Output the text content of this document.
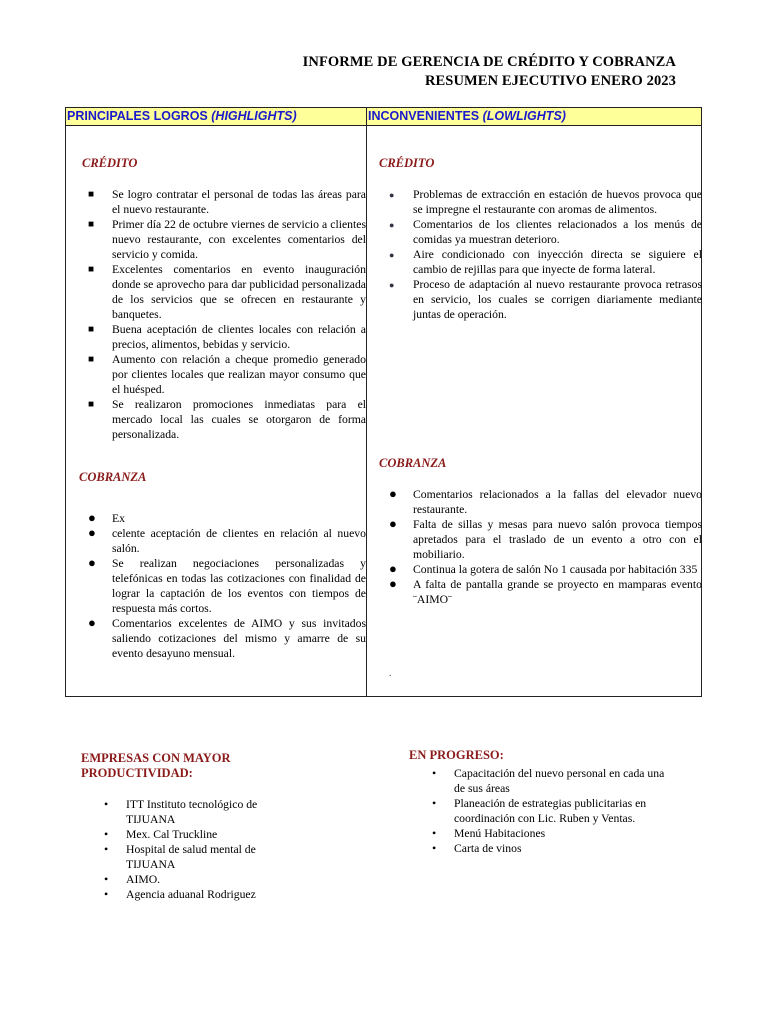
INFORME DE GERENCIA DE CRÉDITO Y COBRANZA
RESUMEN EJECUTIVO ENERO 2023
PRINCIPALES LOGROS (HIGHLIGHTS)	INCONVENIENTES (LOWLIGHTS)
CRÉDITO
■ Se logro contratar el personal de todas las áreas para el nuevo restaurante.
■ Primer día 22 de octubre viernes de servicio a clientes nuevo restaurante, con excelentes comentarios del servicio y comida.
■ Excelentes comentarios en evento inauguración donde se aprovecho para dar publicidad personalizada de los servicios que se ofrecen en restaurante y banquetes.
■ Buena aceptación de clientes locales con relación a precios, alimentos, bebidas y servicio.
■ Aumento con relación a cheque promedio generado por clientes locales que realizan mayor consumo que el huésped.
■ Se realizaron promociones inmediatas para el mercado local las cuales se otorgaron de forma personalizada.
COBRANZA
● Ex
● celente aceptación de clientes en relación al nuevo salón.
● Se realizan negociaciones personalizadas y telefónicas en todas las cotizaciones con finalidad de lograr la captación de los eventos con tiempos de respuesta más cortos.
● Comentarios excelentes de AIMO y sus invitados saliendo cotizaciones del mismo y amarre de su evento desayuno mensual.
CRÉDITO
● Problemas de extracción en estación de huevos provoca que se impregne el restaurante con aromas de alimentos.
● Comentarios de los clientes relacionados a los menús de comidas ya muestran deterioro.
● Aire condicionado con inyección directa se siguiere el cambio de rejillas para que inyecte de forma lateral.
● Proceso de adaptación al nuevo restaurante provoca retrasos en servicio, los cuales se corrigen diariamente mediante juntas de operación.
COBRANZA
● Comentarios relacionados a la fallas del elevador nuevo restaurante.
● Falta de sillas y mesas para nuevo salón provoca tiempos apretados para el traslado de un evento a otro con el mobiliario.
● Continua la gotera de salón No 1 causada por habitación 335
● A falta de pantalla grande se proyecto en mamparas evento ¨AIMO¨
.
EMPRESAS CON MAYOR PRODUCTIVIDAD:
• ITT Instituto tecnológico de TIJUANA
• Mex. Cal Truckline
• Hospital de salud mental de TIJUANA
• AIMO.
• Agencia aduanal Rodriguez
EN PROGRESO:
• Capacitación del nuevo personal en cada una de sus áreas
• Planeación de estrategias publicitarias en coordinación con Lic. Ruben y Ventas.
• Menú Habitaciones
• Carta de vinos
